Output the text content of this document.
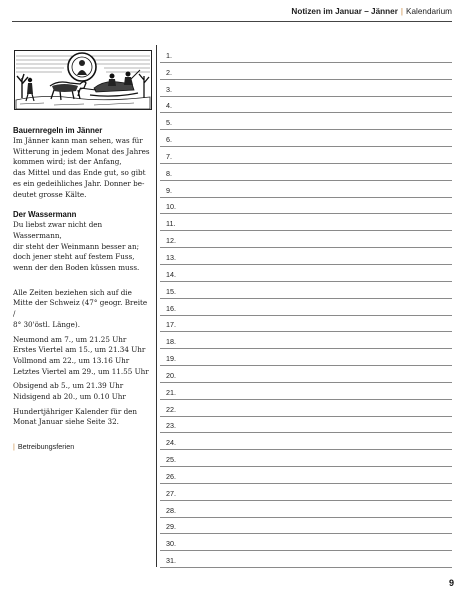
Notizen im Januar – Jänner | Kalendarium

Bauernregeln im Jänner

Im Jänner kann man sehen, was für
Witterung in jedem Monat des Jahres
kommen wird; ist der Anfang,
das Mittel und das Ende gut, so gibt
es ein gedeihliches Jahr. Donner be-
deutet grosse Kälte.

Der Wassermann

Du liebst zwar nicht den Wassermann,
dir steht der Weinmann besser an;
doch jener steht auf festem Fuss,
wenn der den Boden küssen muss.

Alle Zeiten beziehen sich auf die
Mitte der Schweiz (47° geogr. Breite /
8° 30'östl. Länge).

Neumond am 7., um 21.25 Uhr
Erstes Viertel am 15., um 21.34 Uhr
Vollmond am 22., um 13.16 Uhr
Letztes Viertel am 29., um 11.55 Uhr

Obsigend ab 5., um 21.39 Uhr
Nidsigend ab 20., um 0.10 Uhr

Hundertjähriger Kalender für den
Monat Januar siehe Seite 32.

| Betreibungsferien
1.
2.
3.
4.
5.
6.
7.
8.
9.
10.
11.
12.
13.
14.
15.
16.
17.
18.
19.
20.
21.
22.
23.
24.
25.
26.
27.
28.
29.
30.
31.
9
